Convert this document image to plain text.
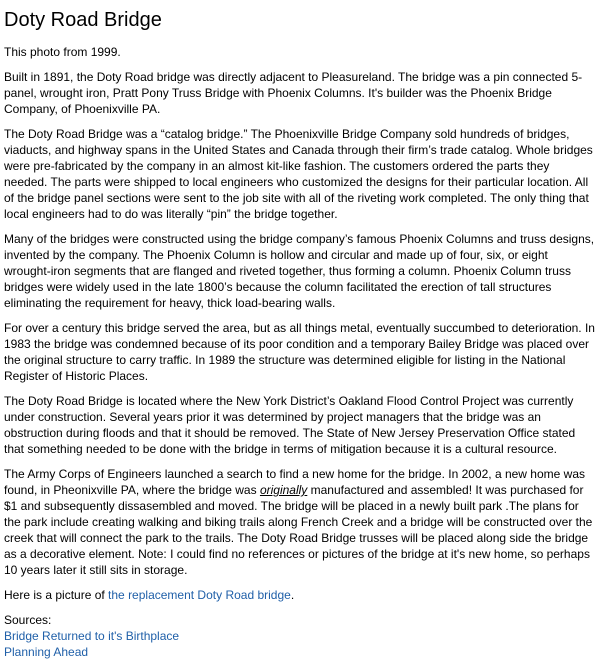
Doty Road Bridge

This photo from 1999.

Built in 1891, the Doty Road bridge was directly adjacent to Pleasureland. The bridge was a pin connected 5-panel, wrought iron, Pratt Pony Truss Bridge with Phoenix Columns. It's builder was the Phoenix Bridge Company, of Phoenixville PA.

The Doty Road Bridge was a “catalog bridge.” The Phoenixville Bridge Company sold hundreds of bridges, viaducts, and highway spans in the United States and Canada through their firm’s trade catalog. Whole bridges were pre-fabricated by the company in an almost kit-like fashion. The customers ordered the parts they needed. The parts were shipped to local engineers who customized the designs for their particular location. All of the bridge panel sections were sent to the job site with all of the riveting work completed. The only thing that local engineers had to do was literally “pin” the bridge together.

Many of the bridges were constructed using the bridge company’s famous Phoenix Columns and truss designs, invented by the company. The Phoenix Column is hollow and circular and made up of four, six, or eight wrought-iron segments that are flanged and riveted together, thus forming a column. Phoenix Column truss bridges were widely used in the late 1800’s because the column facilitated the erection of tall structures eliminating the requirement for heavy, thick load-bearing walls.

For over a century this bridge served the area, but as all things metal, eventually succumbed to deterioration. In 1983 the bridge was condemned because of its poor condition and a temporary Bailey Bridge was placed over the original structure to carry traffic. In 1989 the structure was determined eligible for listing in the National Register of Historic Places.

The Doty Road Bridge is located where the New York District’s Oakland Flood Control Project was currently under construction. Several years prior it was determined by project managers that the bridge was an obstruction during floods and that it should be removed. The State of New Jersey Preservation Office stated that something needed to be done with the bridge in terms of mitigation because it is a cultural resource.

The Army Corps of Engineers launched a search to find a new home for the bridge. In 2002, a new home was found, in Pheonixville PA, where the bridge was originally manufactured and assembled! It was purchased for $1 and subsequently dissasembled and moved. The bridge will be placed in a newly built park .The plans for the park include creating walking and biking trails along French Creek and a bridge will be constructed over the creek that will connect the park to the trails. The Doty Road Bridge trusses will be placed along side the bridge as a decorative element. Note: I could find no references or pictures of the bridge at it's new home, so perhaps 10 years later it still sits in storage.

Here is a picture of the replacement Doty Road bridge.

Sources:

Bridge Returned to it's Birthplace
Planning Ahead
